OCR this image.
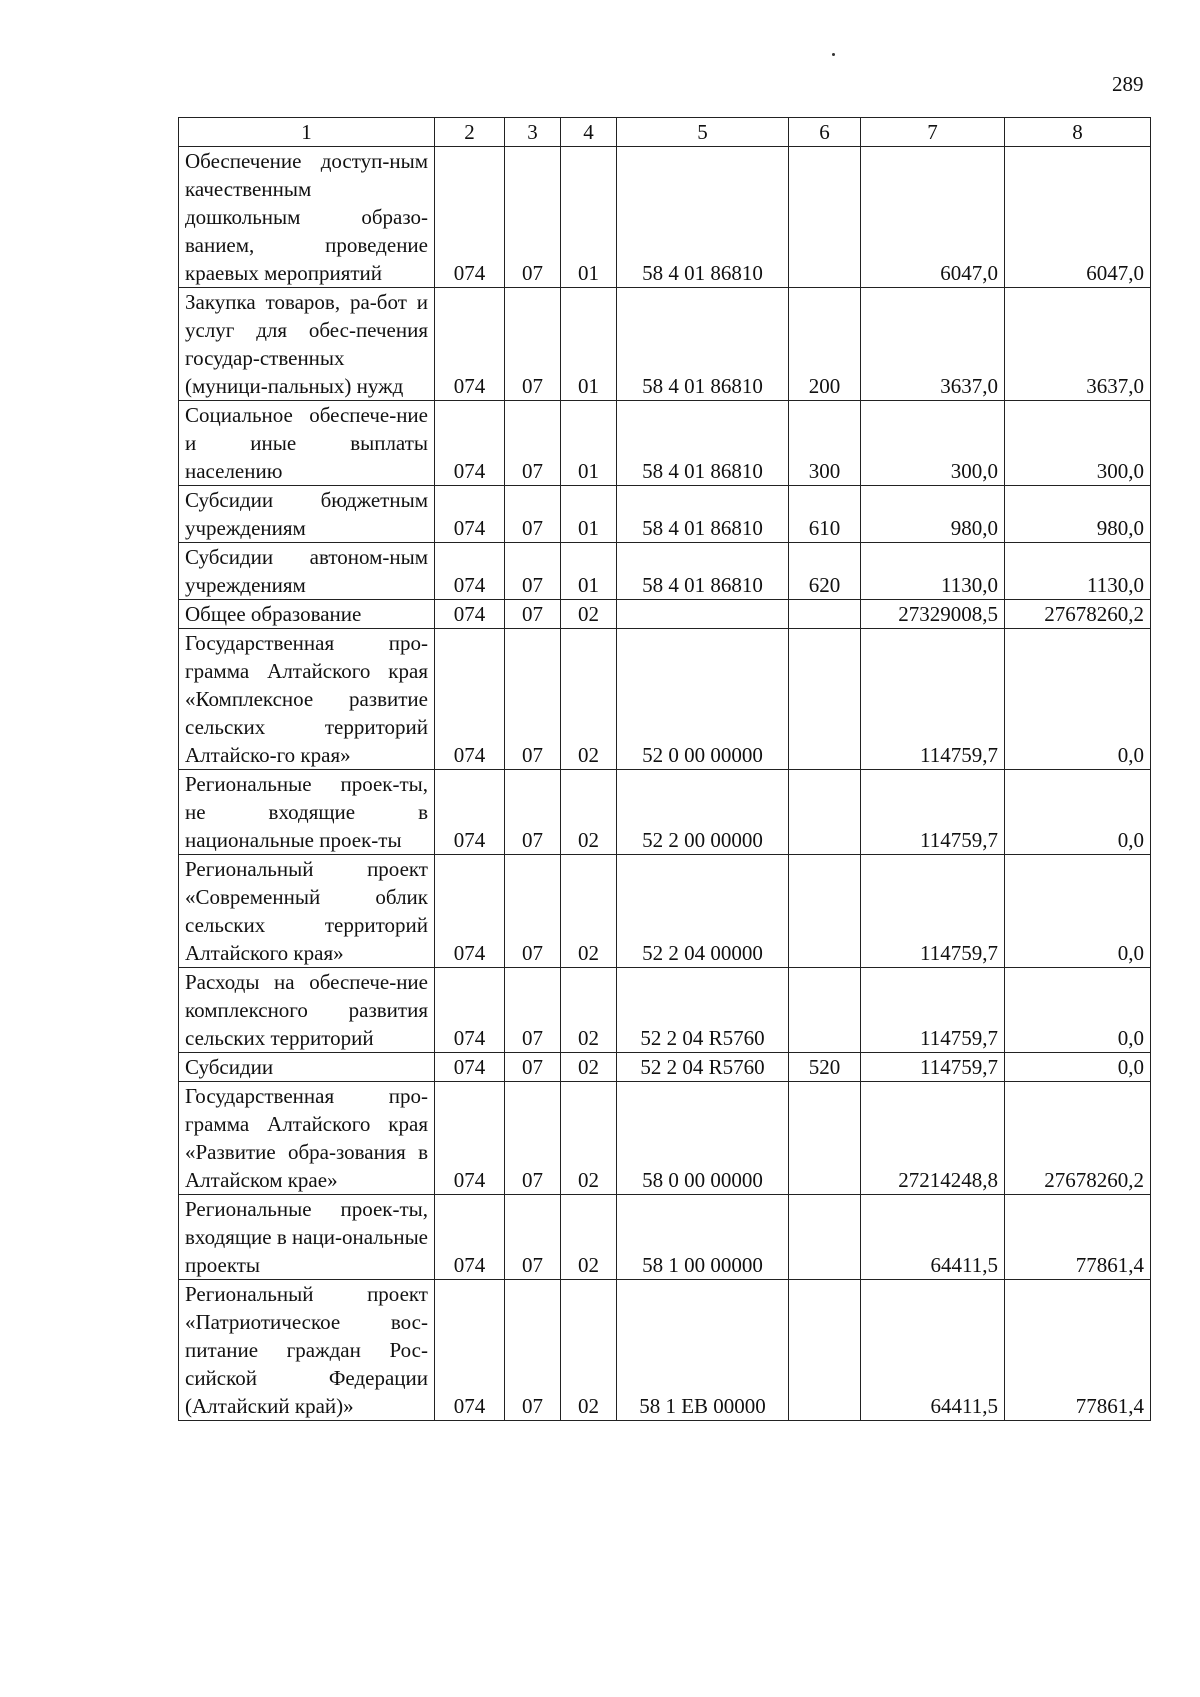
289
1	2	3	4	5	6	7	8
Обеспечение доступ-ным качественным дошкольным образо-ванием, проведение краевых мероприятий	074	07	01	58 4 01 86810		6047,0	6047,0
Закупка товаров, ра-бот и услуг для обес-печения государ-ственных (муници-пальных) нужд	074	07	01	58 4 01 86810	200	3637,0	3637,0
Социальное обеспече-ние и иные выплаты населению	074	07	01	58 4 01 86810	300	300,0	300,0
Субсидии бюджетным учреждениям	074	07	01	58 4 01 86810	610	980,0	980,0
Субсидии автоном-ным учреждениям	074	07	01	58 4 01 86810	620	1130,0	1130,0
Общее образование	074	07	02			27329008,5	27678260,2
Государственная про-грамма Алтайского края «Комплексное развитие сельских территорий Алтайско-го края»	074	07	02	52 0 00 00000		114759,7	0,0
Региональные проек-ты, не входящие в национальные проек-ты	074	07	02	52 2 00 00000		114759,7	0,0
Региональный проект «Современный облик сельских территорий Алтайского края»	074	07	02	52 2 04 00000		114759,7	0,0
Расходы на обеспече-ние комплексного развития сельских территорий	074	07	02	52 2 04 R5760		114759,7	0,0
Субсидии	074	07	02	52 2 04 R5760	520	114759,7	0,0
Государственная про-грамма Алтайского края «Развитие обра-зования в Алтайском крае»	074	07	02	58 0 00 00000		27214248,8	27678260,2
Региональные проек-ты, входящие в наци-ональные проекты	074	07	02	58 1 00 00000		64411,5	77861,4
Региональный проект «Патриотическое вос-питание граждан Рос-сийской Федерации (Алтайский край)»	074	07	02	58 1 ЕВ 00000		64411,5	77861,4
